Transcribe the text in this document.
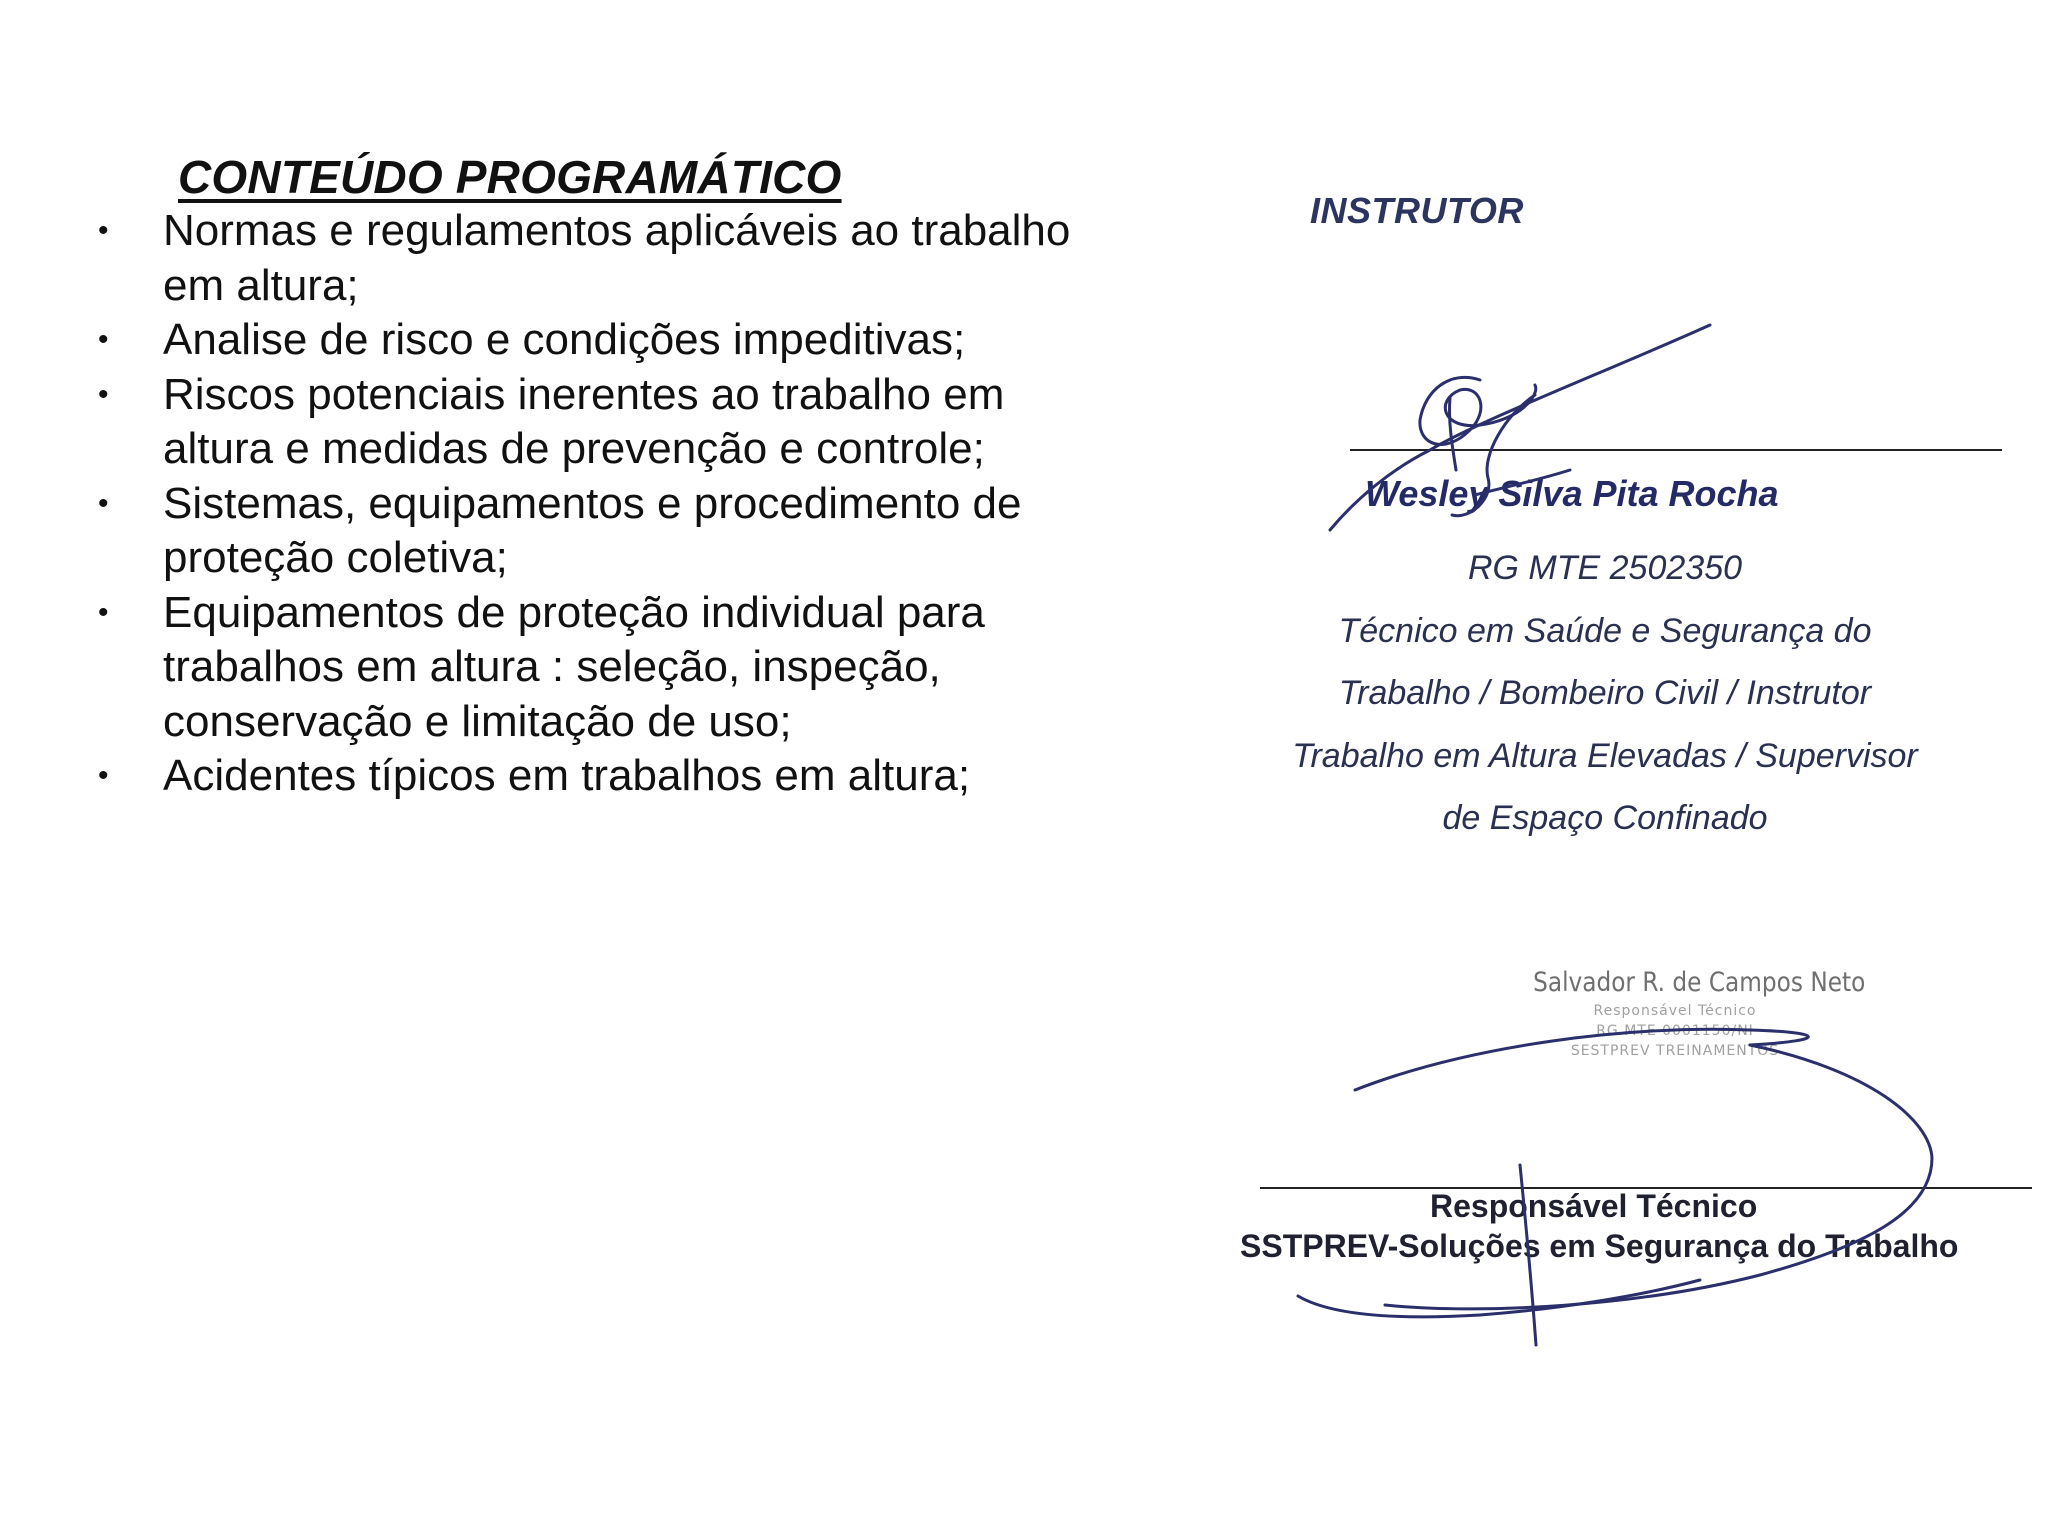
CONTEÚDO PROGRAMÁTICO
• Normas e regulamentos aplicáveis ao trabalho
em altura;
• Analise de risco e condições impeditivas;
• Riscos potenciais inerentes ao trabalho em
altura e medidas de prevenção e controle;
• Sistemas, equipamentos e procedimento de
proteção coletiva;
• Equipamentos de proteção individual para
trabalhos em altura : seleção, inspeção,
conservação e limitação de uso;
• Acidentes típicos em trabalhos em altura;
INSTRUTOR
Wesley Silva Pita Rocha
RG MTE 2502350
Técnico em Saúde e Segurança do
Trabalho / Bombeiro Civil / Instrutor
Trabalho em Altura Elevadas / Supervisor
de Espaço Confinado
Salvador R. de Campos Neto
Responsável Técnico
RG MTE 0001150/NI
SESTPREV TREINAMENTOS
Responsável Técnico
SSTPREV-Soluções em Segurança do Trabalho
